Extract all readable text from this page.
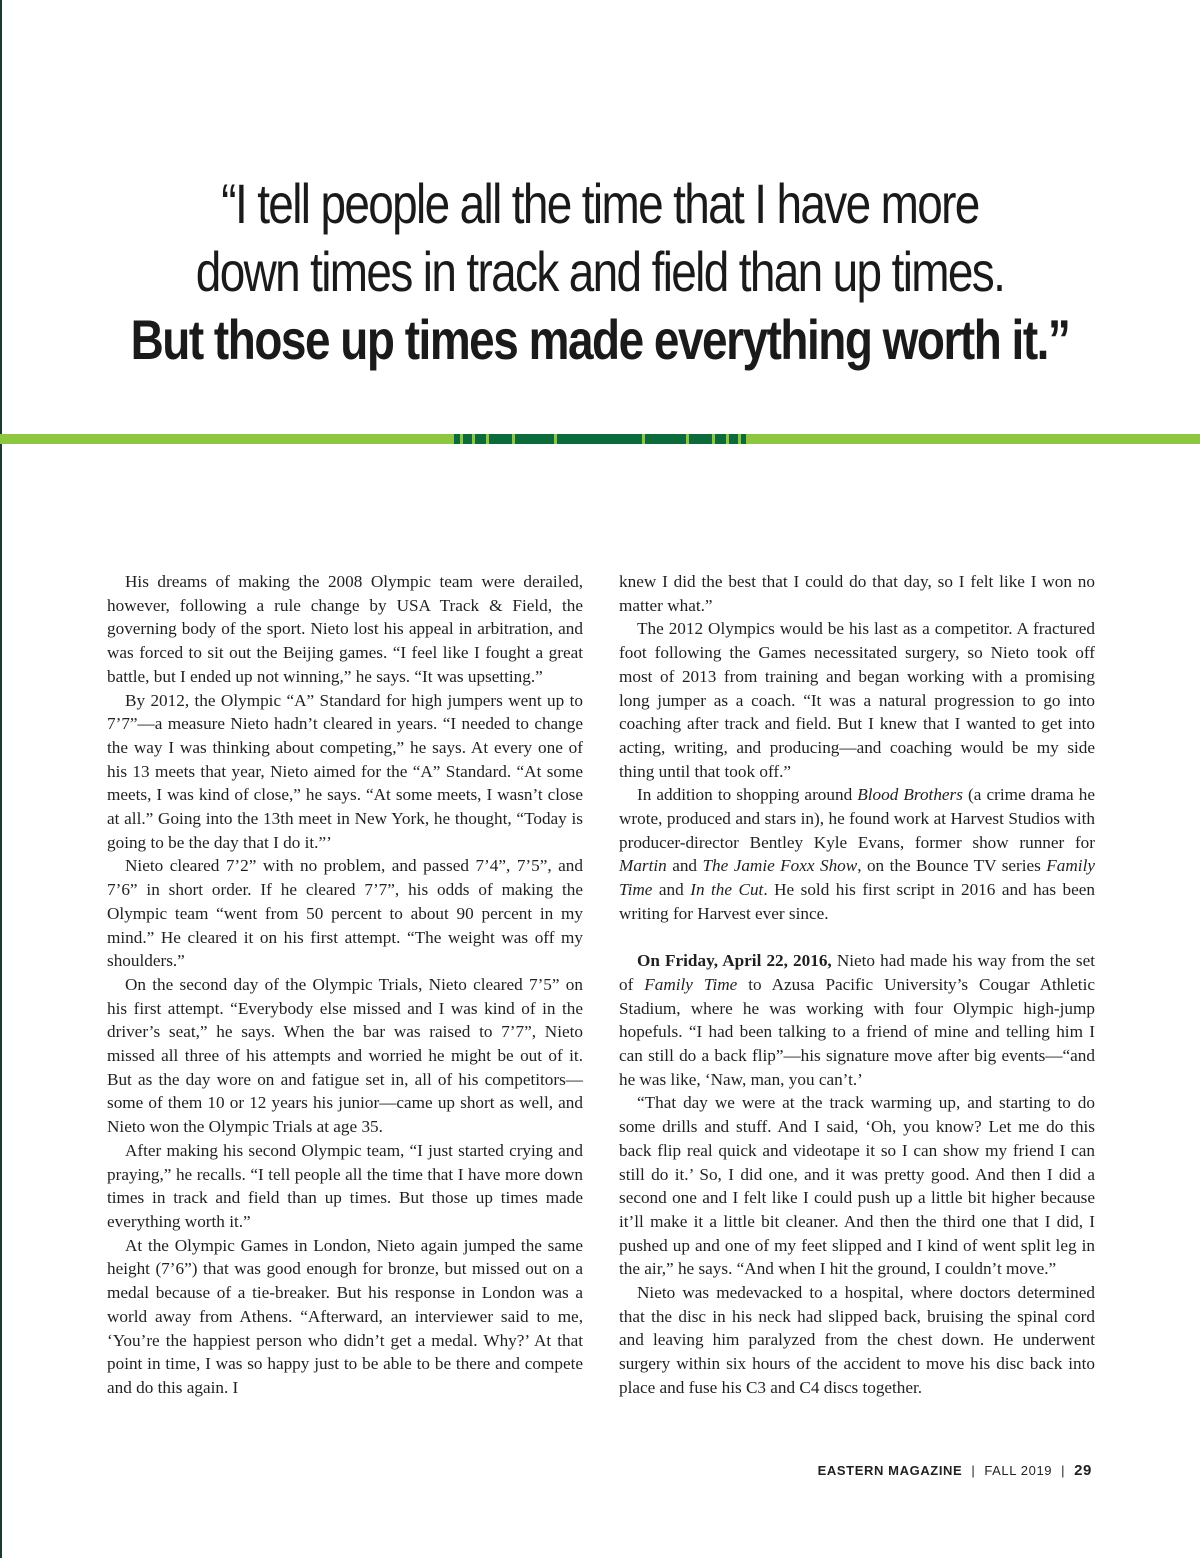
“I tell people all the time that I have more
down times in track and field than up times.
But those up times made everything worth it.”

His dreams of making the 2008 Olympic team were derailed, however, following a rule change by USA Track & Field, the governing body of the sport. Nieto lost his appeal in arbitration, and was forced to sit out the Beijing games. “I feel like I fought a great battle, but I ended up not winning,” he says. “It was upsetting.”

By 2012, the Olympic “A” Standard for high jumpers went up to 7’7”—a measure Nieto hadn’t cleared in years. “I needed to change the way I was thinking about competing,” he says. At every one of his 13 meets that year, Nieto aimed for the “A” Standard. “At some meets, I was kind of close,” he says. “At some meets, I wasn’t close at all.” Going into the 13th meet in New York, he thought, “Today is going to be the day that I do it.”’

Nieto cleared 7’2” with no problem, and passed 7’4”, 7’5”, and 7’6” in short order. If he cleared 7’7”, his odds of making the Olympic team “went from 50 percent to about 90 percent in my mind.” He cleared it on his first attempt. “The weight was off my shoulders.”

On the second day of the Olympic Trials, Nieto cleared 7’5” on his first attempt. “Everybody else missed and I was kind of in the driver’s seat,” he says. When the bar was raised to 7’7”, Nieto missed all three of his attempts and worried he might be out of it. But as the day wore on and fatigue set in, all of his competitors—some of them 10 or 12 years his junior—came up short as well, and Nieto won the Olympic Trials at age 35.

After making his second Olympic team, “I just started crying and praying,” he recalls. “I tell people all the time that I have more down times in track and field than up times. But those up times made everything worth it.”

At the Olympic Games in London, Nieto again jumped the same height (7’6”) that was good enough for bronze, but missed out on a medal because of a tie-breaker. But his response in London was a world away from Athens. “Afterward, an interviewer said to me, ‘You’re the happiest person who didn’t get a medal. Why?’ At that point in time, I was so happy just to be able to be there and compete and do this again. I

knew I did the best that I could do that day, so I felt like I won no matter what.”

The 2012 Olympics would be his last as a competitor. A fractured foot following the Games necessitated surgery, so Nieto took off most of 2013 from training and began working with a promising long jumper as a coach. “It was a natural progression to go into coaching after track and field. But I knew that I wanted to get into acting, writing, and producing—and coaching would be my side thing until that took off.”

In addition to shopping around Blood Brothers (a crime drama he wrote, produced and stars in), he found work at Harvest Studios with producer-director Bentley Kyle Evans, former show runner for Martin and The Jamie Foxx Show, on the Bounce TV series Family Time and In the Cut. He sold his first script in 2016 and has been writing for Harvest ever since.

On Friday, April 22, 2016, Nieto had made his way from the set of Family Time to Azusa Pacific University’s Cougar Athletic Stadium, where he was working with four Olympic high-jump hopefuls. “I had been talking to a friend of mine and telling him I can still do a back flip”—his signature move after big events—“and he was like, ‘Naw, man, you can’t.’

“That day we were at the track warming up, and starting to do some drills and stuff. And I said, ‘Oh, you know? Let me do this back flip real quick and videotape it so I can show my friend I can still do it.’ So, I did one, and it was pretty good. And then I did a second one and I felt like I could push up a little bit higher because it’ll make it a little bit cleaner. And then the third one that I did, I pushed up and one of my feet slipped and I kind of went split leg in the air,” he says. “And when I hit the ground, I couldn’t move.”

Nieto was medevacked to a hospital, where doctors determined that the disc in his neck had slipped back, bruising the spinal cord and leaving him paralyzed from the chest down. He underwent surgery within six hours of the accident to move his disc back into place and fuse his C3 and C4 discs together.

EASTERN MAGAZINE | FALL 2019 | 29
